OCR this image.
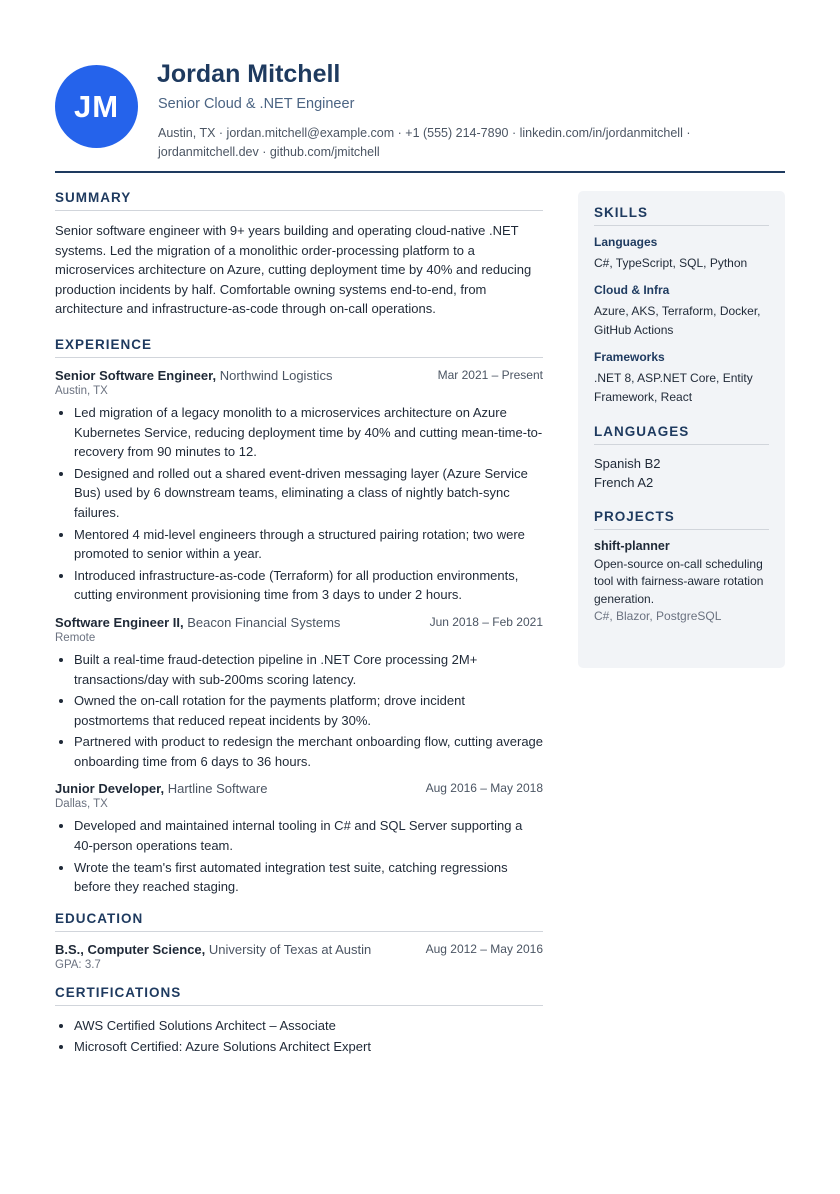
JM
Jordan Mitchell
Senior Cloud & .NET Engineer
Austin, TX · jordan.mitchell@example.com · +1 (555) 214-7890 · linkedin.com/in/jordanmitchell · jordanmitchell.dev · github.com/jmitchell
SUMMARY

Senior software engineer with 9+ years building and operating cloud-native .NET systems. Led the migration of a monolithic order-processing platform to a microservices architecture on Azure, cutting deployment time by 40% and reducing production incidents by half. Comfortable owning systems end-to-end, from architecture and infrastructure-as-code through on-call operations.

EXPERIENCE
Senior Software Engineer, Northwind Logistics	Mar 2021 – Present
Austin, TX
• Led migration of a legacy monolith to a microservices architecture on Azure Kubernetes Service, reducing deployment time by 40% and cutting mean-time-to-recovery from 90 minutes to 12.
• Designed and rolled out a shared event-driven messaging layer (Azure Service Bus) used by 6 downstream teams, eliminating a class of nightly batch-sync failures.
• Mentored 4 mid-level engineers through a structured pairing rotation; two were promoted to senior within a year.
• Introduced infrastructure-as-code (Terraform) for all production environments, cutting environment provisioning time from 3 days to under 2 hours.
Software Engineer II, Beacon Financial Systems	Jun 2018 – Feb 2021
Remote
• Built a real-time fraud-detection pipeline in .NET Core processing 2M+ transactions/day with sub-200ms scoring latency.
• Owned the on-call rotation for the payments platform; drove incident postmortems that reduced repeat incidents by 30%.
• Partnered with product to redesign the merchant onboarding flow, cutting average onboarding time from 6 days to 36 hours.
Junior Developer, Hartline Software	Aug 2016 – May 2018
Dallas, TX
• Developed and maintained internal tooling in C# and SQL Server supporting a 40-person operations team.
• Wrote the team's first automated integration test suite, catching regressions before they reached staging.
EDUCATION
B.S., Computer Science, University of Texas at Austin	Aug 2012 – May 2016
GPA: 3.7
CERTIFICATIONS
• AWS Certified Solutions Architect – Associate
• Microsoft Certified: Azure Solutions Architect Expert
SKILLS
Languages
C#, TypeScript, SQL, Python
Cloud & Infra
Azure, AKS, Terraform, Docker, GitHub Actions
Frameworks
.NET 8, ASP.NET Core, Entity Framework, React
LANGUAGES
Spanish B2
French A2
PROJECTS
shift-planner
Open-source on-call scheduling tool with fairness-aware rotation generation.
C#, Blazor, PostgreSQL
